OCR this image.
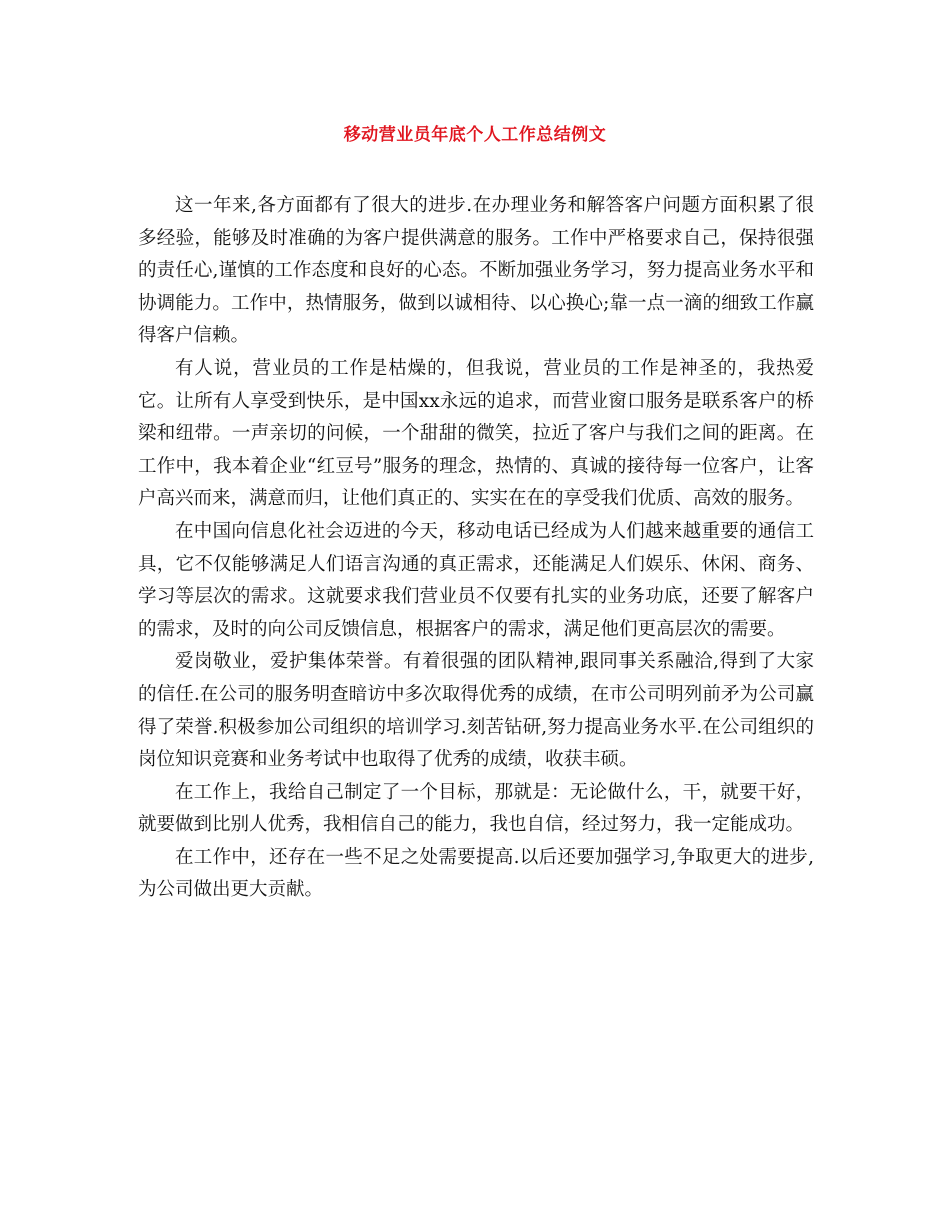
移动营业员年底个人工作总结例文

这一年来,各方面都有了很大的进步.在办理业务和解答客户问题方面积累了很多经验，能够及时准确的为客户提供满意的服务。工作中严格要求自己，保持很强的责任心,谨慎的工作态度和良好的心态。不断加强业务学习，努力提高业务水平和协调能力。工作中，热情服务，做到以诚相待、以心换心;靠一点一滴的细致工作赢得客户信赖。

有人说，营业员的工作是枯燥的，但我说，营业员的工作是神圣的，我热爱它。让所有人享受到快乐，是中国xx永远的追求，而营业窗口服务是联系客户的桥梁和纽带。一声亲切的问候，一个甜甜的微笑，拉近了客户与我们之间的距离。在工作中，我本着企业“红豆号”服务的理念，热情的、真诚的接待每一位客户，让客户高兴而来，满意而归，让他们真正的、实实在在的享受我们优质、高效的服务。

在中国向信息化社会迈进的今天，移动电话已经成为人们越来越重要的通信工具，它不仅能够满足人们语言沟通的真正需求，还能满足人们娱乐、休闲、商务、学习等层次的需求。这就要求我们营业员不仅要有扎实的业务功底，还要了解客户的需求，及时的向公司反馈信息，根据客户的需求，满足他们更高层次的需要。

爱岗敬业，爱护集体荣誉。有着很强的团队精神,跟同事关系融洽,得到了大家的信任.在公司的服务明查暗访中多次取得优秀的成绩，在市公司明列前矛为公司赢得了荣誉.积极参加公司组织的培训学习.刻苦钻研,努力提高业务水平.在公司组织的岗位知识竞赛和业务考试中也取得了优秀的成绩，收获丰硕。

在工作上，我给自己制定了一个目标，那就是：无论做什么，干，就要干好，就要做到比别人优秀，我相信自己的能力，我也自信，经过努力，我一定能成功。

在工作中，还存在一些不足之处需要提高.以后还要加强学习,争取更大的进步,为公司做出更大贡献。
